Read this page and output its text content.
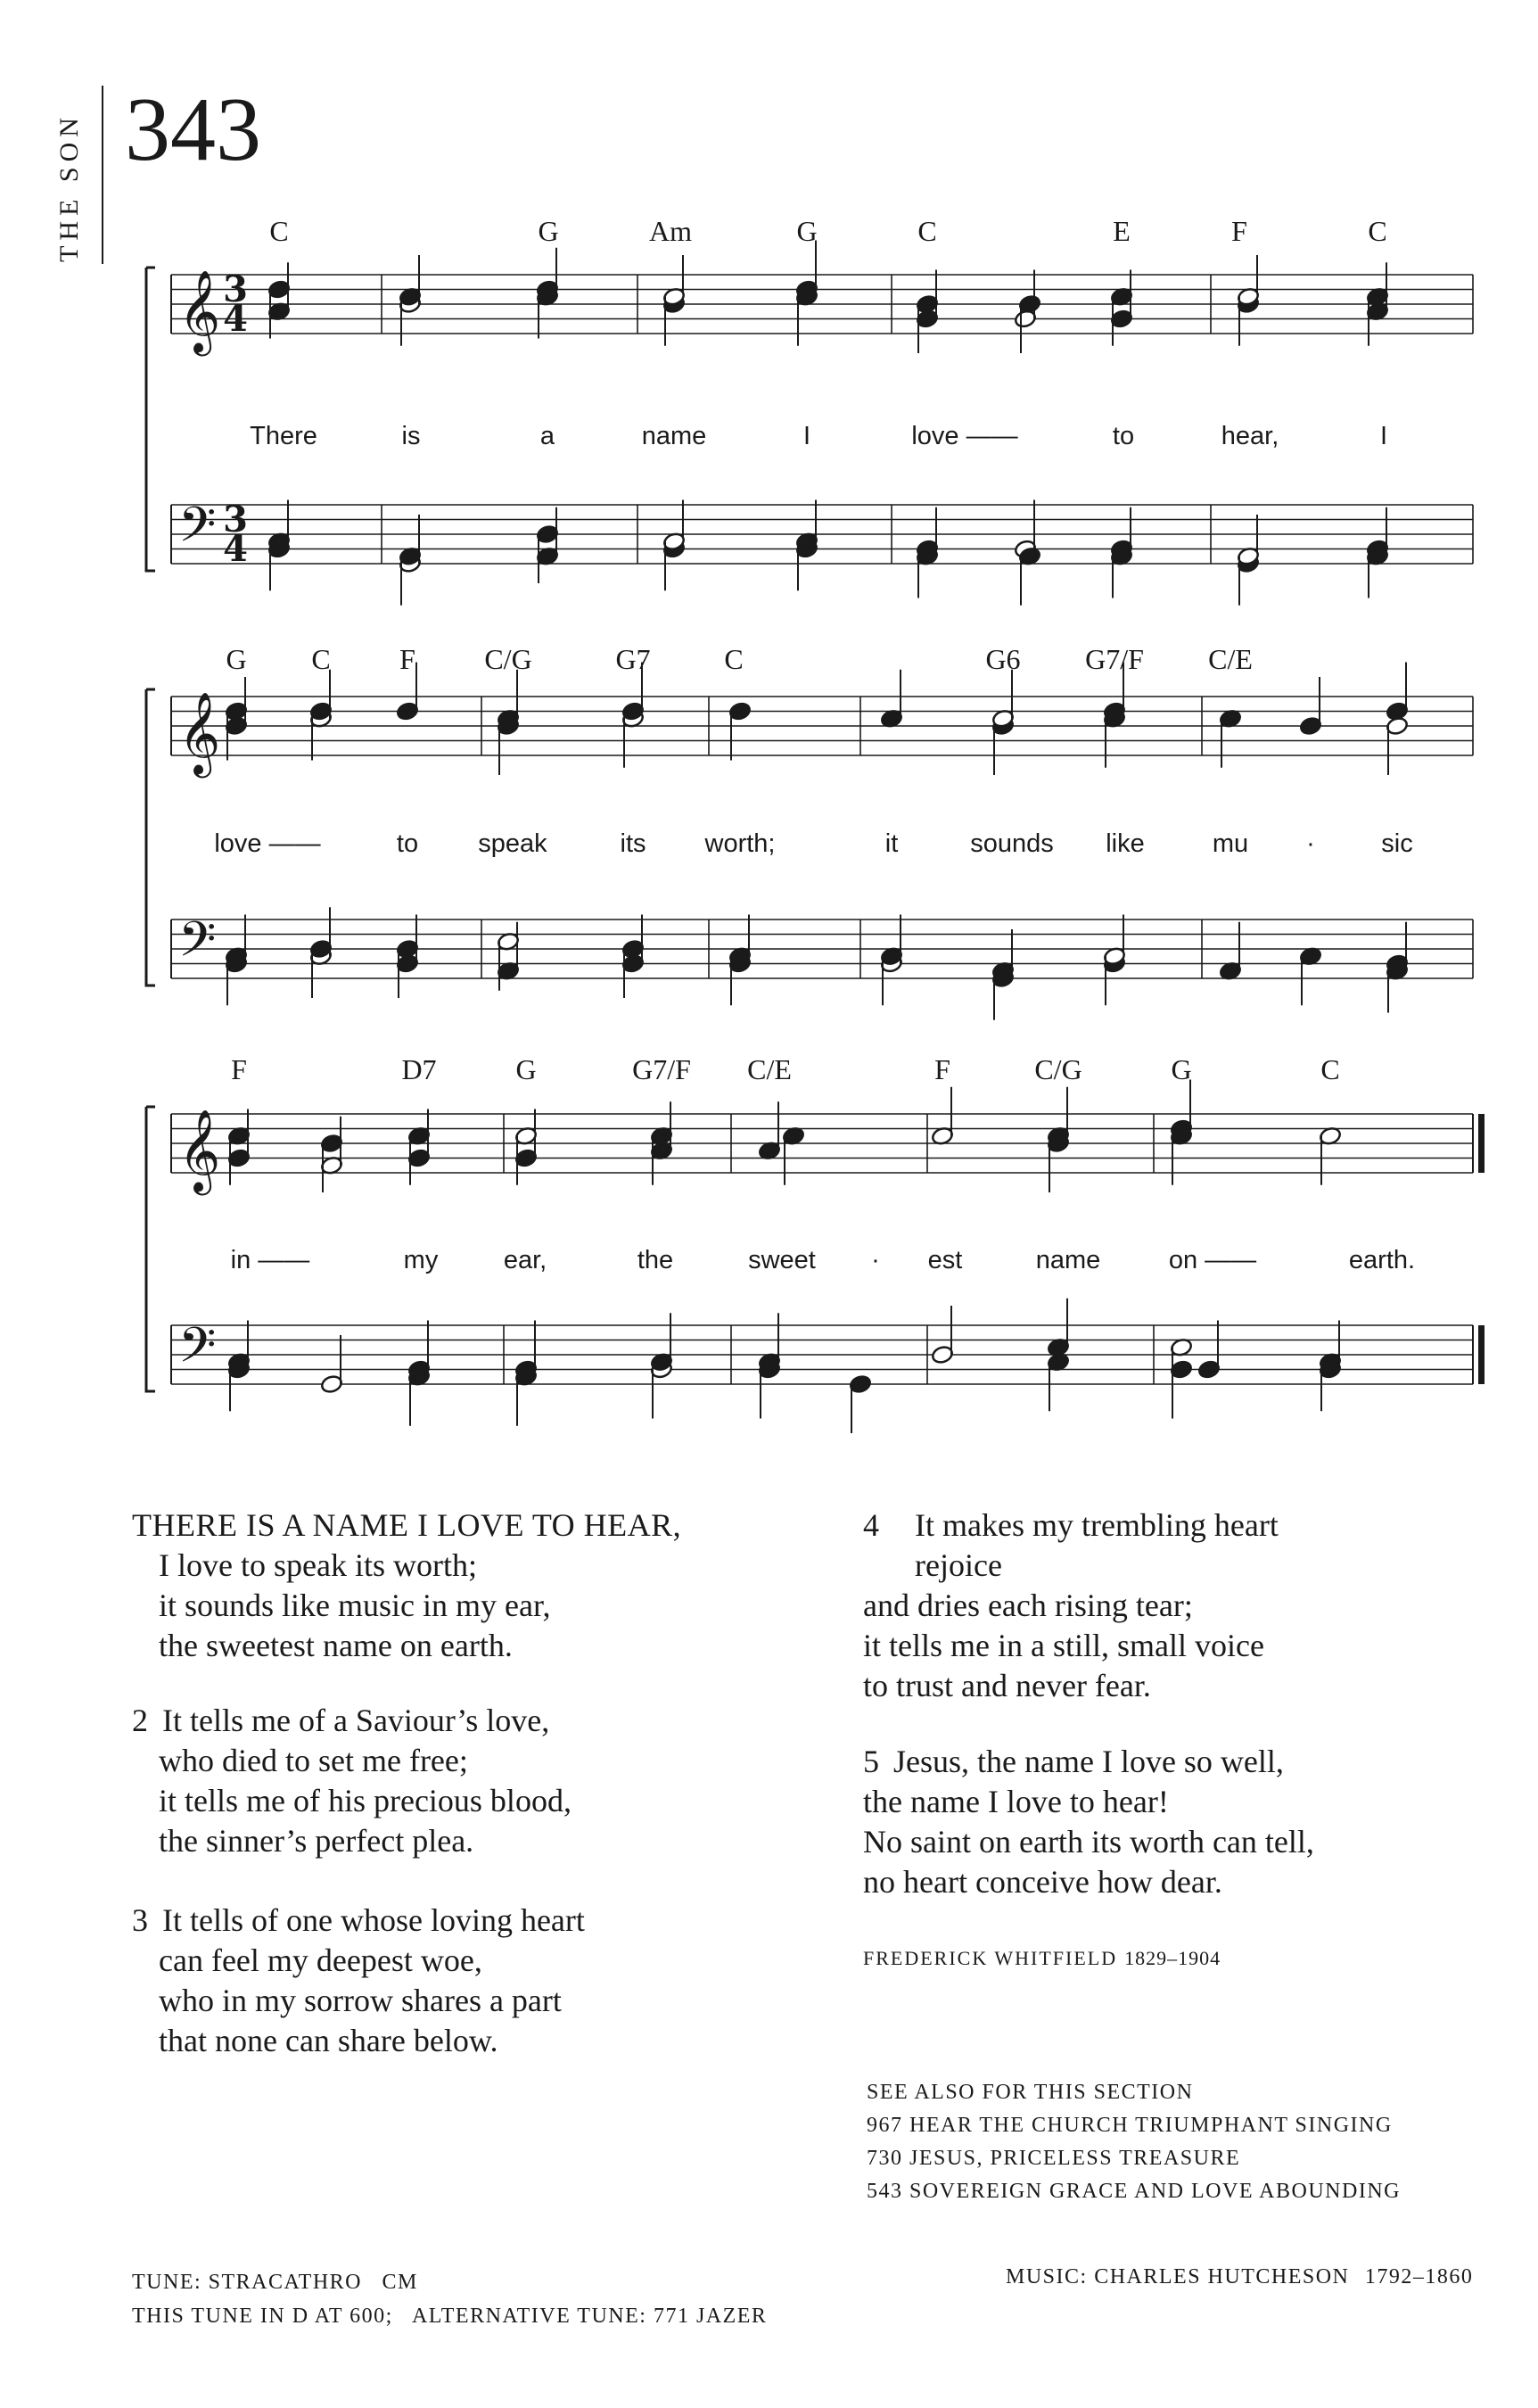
THE SON 343
𝄞 3
4
𝄢 3
4
C	G	Am	G	C	E	F	C
There	is	a	name	I	love ——	to	hear,	I
𝄞
𝄢
G C F C/G	G7	C	G6 G7/F C/E
love ——	to speak	its worth;	it	sounds like	mu ·	sic
𝄞
𝄢
F	D7	G	G7/F C/E	F	C/G	G	C
in ——	my	ear,	the	sweet · est	name	on ——	earth.
THERE IS A NAME I LOVE TO HEAR,
I love to speak its worth;
it sounds like music in my ear,
the sweetest name on earth.
2 It tells me of a Saviour’s love,
who died to set me free;
it tells me of his precious blood,
the sinner’s perfect plea.
3 It tells of one whose loving heart
can feel my deepest woe,
who in my sorrow shares a part
that none can share below.
4 It makes my trembling heart
rejoice
and dries each rising tear;
it tells me in a still, small voice
to trust and never fear.
5 Jesus, the name I love so well,
the name I love to hear!
No saint on earth its worth can tell,
no heart conceive how dear.
FREDERICK WHITFIELD 1829–1904
SEE ALSO FOR THIS SECTION
967 HEAR THE CHURCH TRIUMPHANT SINGING
730 JESUS, PRICELESS TREASURE
543 SOVEREIGN GRACE AND LOVE ABOUNDING
TUNE: STRACATHRO   CM
THIS TUNE IN D AT 600;   ALTERNATIVE TUNE: 771 JAZER
MUSIC: CHARLES HUTCHESON 1792–1860
